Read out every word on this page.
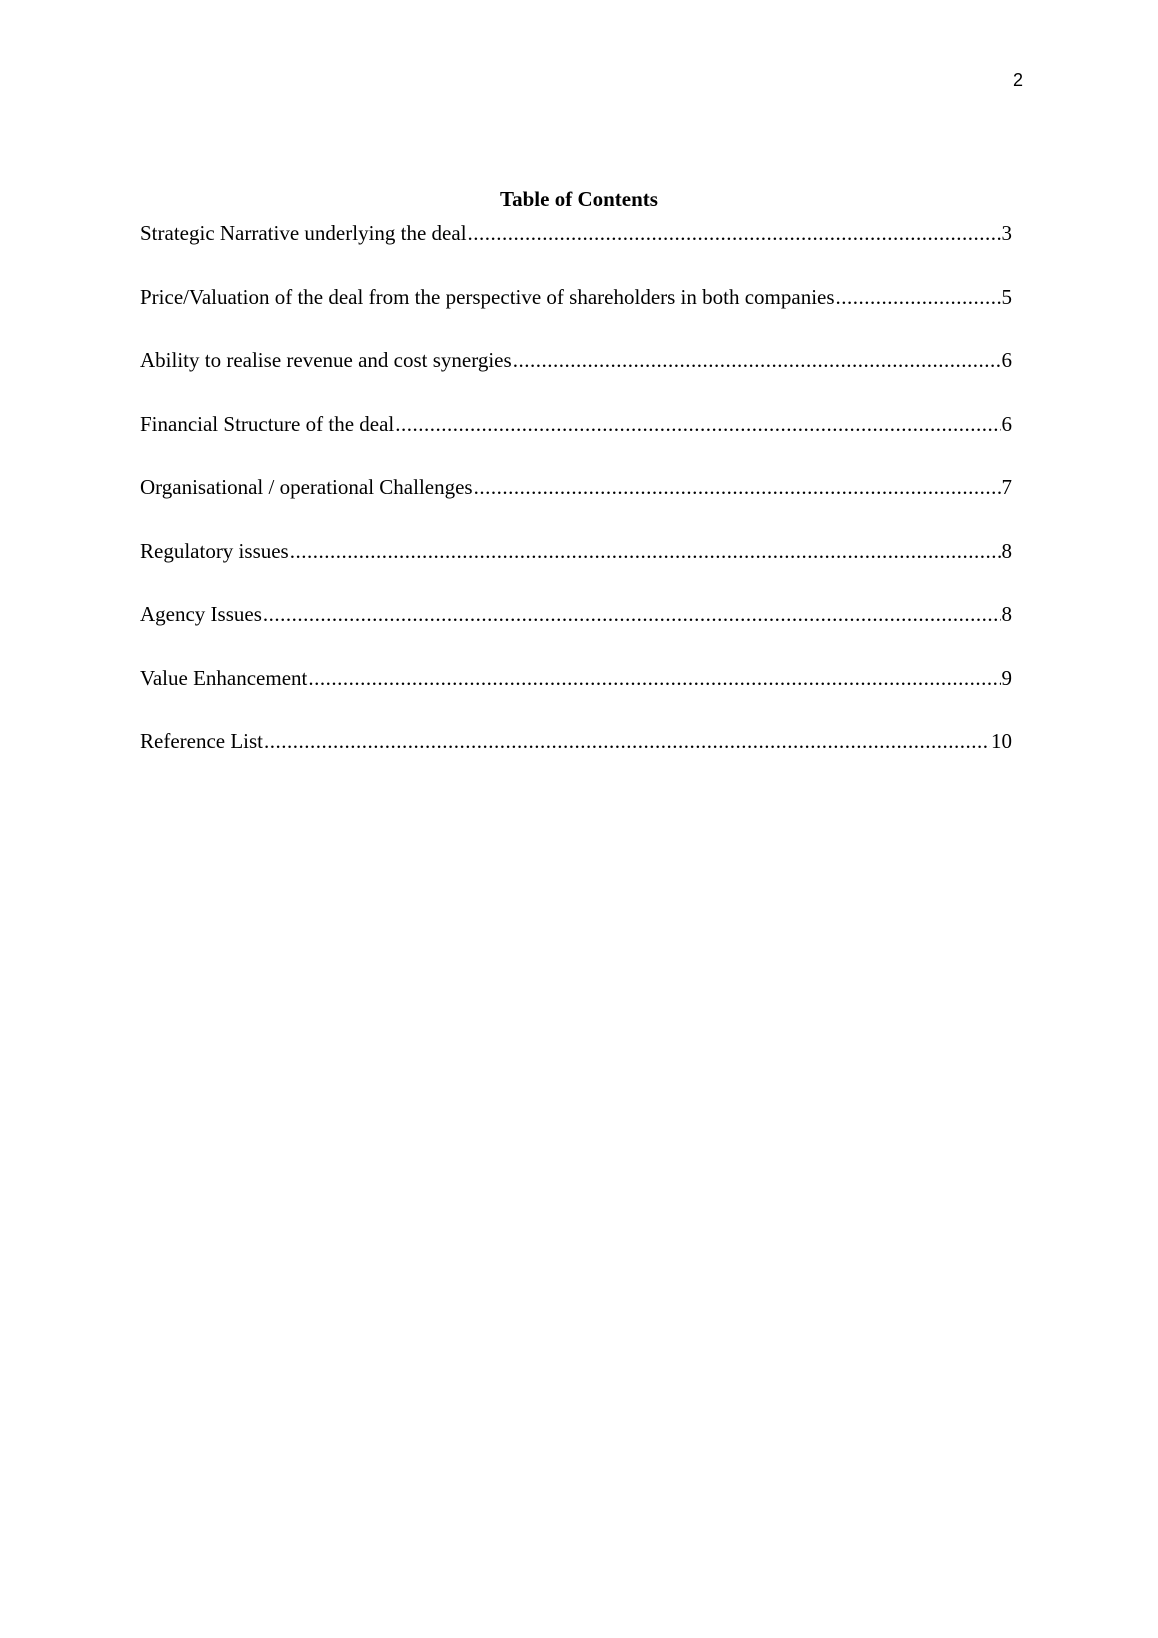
2
Table of Contents
Strategic Narrative underlying the deal .....	3
Price/Valuation of the deal from the perspective of shareholders in both companies .....	5
Ability to realise revenue and cost synergies .....	6
Financial Structure of the deal .....	6
Organisational / operational Challenges .....	7
Regulatory issues .....	8
Agency Issues .....	8
Value Enhancement .....	9
Reference List .....	10
